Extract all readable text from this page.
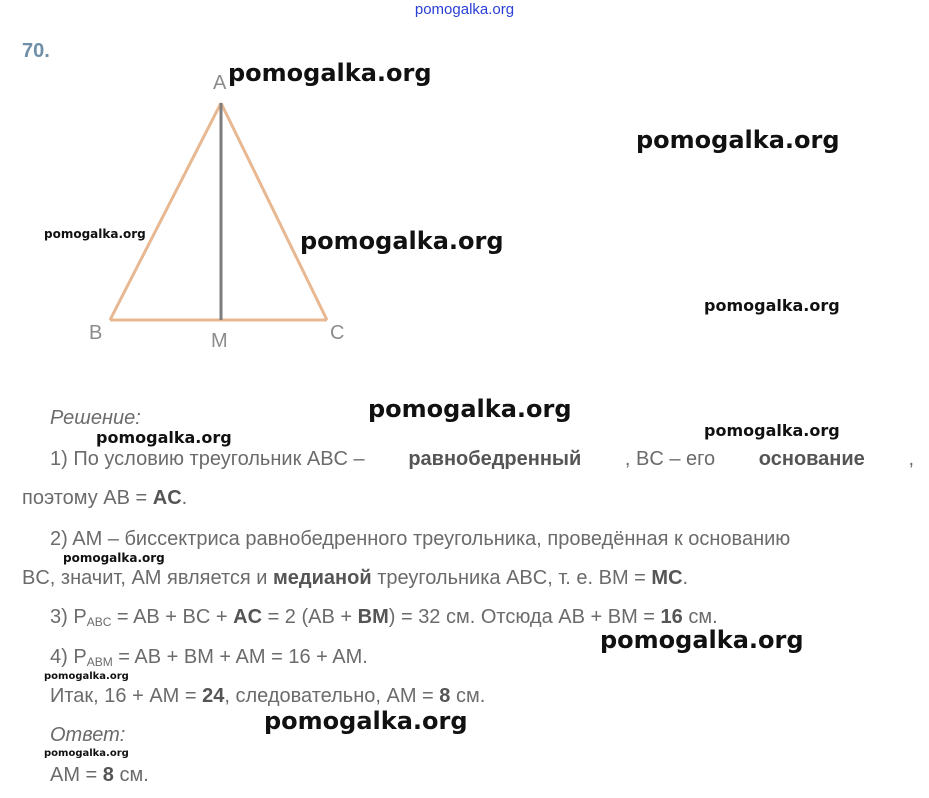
pomogalka.org
70.
A
B	C
M
Решение:
1) По условию треугольник ABC – равнобедренный , BC – его основание ,
поэтому AB = AC.
2) AM – биссектриса равнобедренного треугольника, проведённая к основанию
BC, значит, AM является и медианой треугольника ABC, т. е. BM = MC.
3) $P_{ABC}$ = AB + BC + AC = 2 (AB + BM) = 32 см. Отсюда AB + BM = 16 см.
4) $P_{ABM}$ = AB + BM + AM = 16 + AM.
Итак, 16 + AM = 24, следовательно, AM = 8 см.
Ответ:
AM = 8 см.
pomogalka.org
pomogalka.org
pomogalka.org	pomogalka.org
pomogalka.org
pomogalka.org
pomogalka.org
pomogalka.org
pomogalka.org
pomogalka.org
pomogalka.org
pomogalka.org
pomogalka.org
